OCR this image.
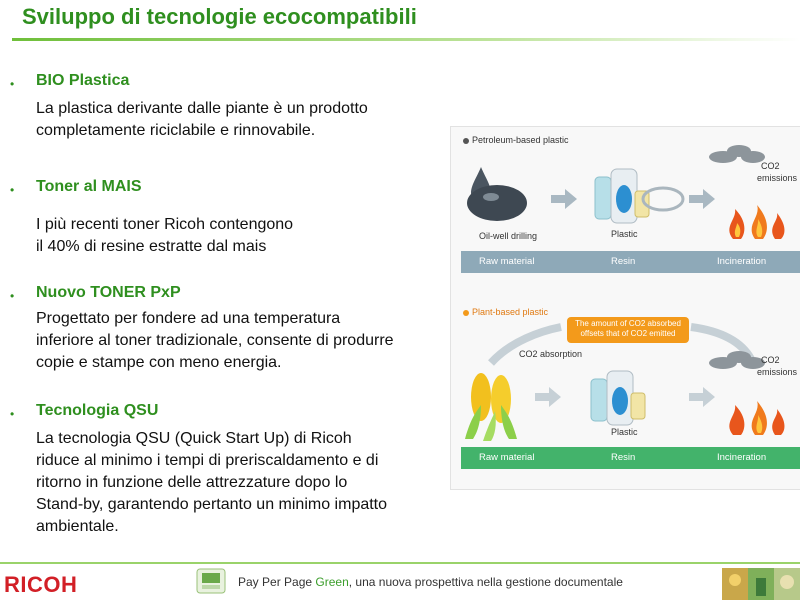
Sviluppo di tecnologie ecocompatibili
• BIO Plastica
La plastica derivante dalle piante è un prodotto
completamente riciclabile e rinnovabile.
• Toner al MAIS
I più recenti toner Ricoh contengono
il 40% di resine estratte dal mais
• Nuovo TONER PxP
Progettato per fondere ad una temperatura
inferiore al toner tradizionale, consente di produrre
copie e stampe con meno energia.
• Tecnologia QSU
La tecnologia QSU (Quick Start Up) di Ricoh
riduce al minimo i tempi di preriscaldamento e di
ritorno in funzione delle attrezzature dopo lo
Stand-by, garantendo pertanto un minimo impatto
ambientale.
Petroleum-based plastic
Oil-well drilling	Plastic
CO2
emissions
Raw material	Resin	Incineration
Plant-based plastic
The amount of CO2 absorbed
offsets that of CO2 emitted
CO2 absorption
Plastic
CO2
emissions
Raw material	Resin	Incineration
RICOH	Pay Per Page Green, una nuova prospettiva nella gestione documentale
